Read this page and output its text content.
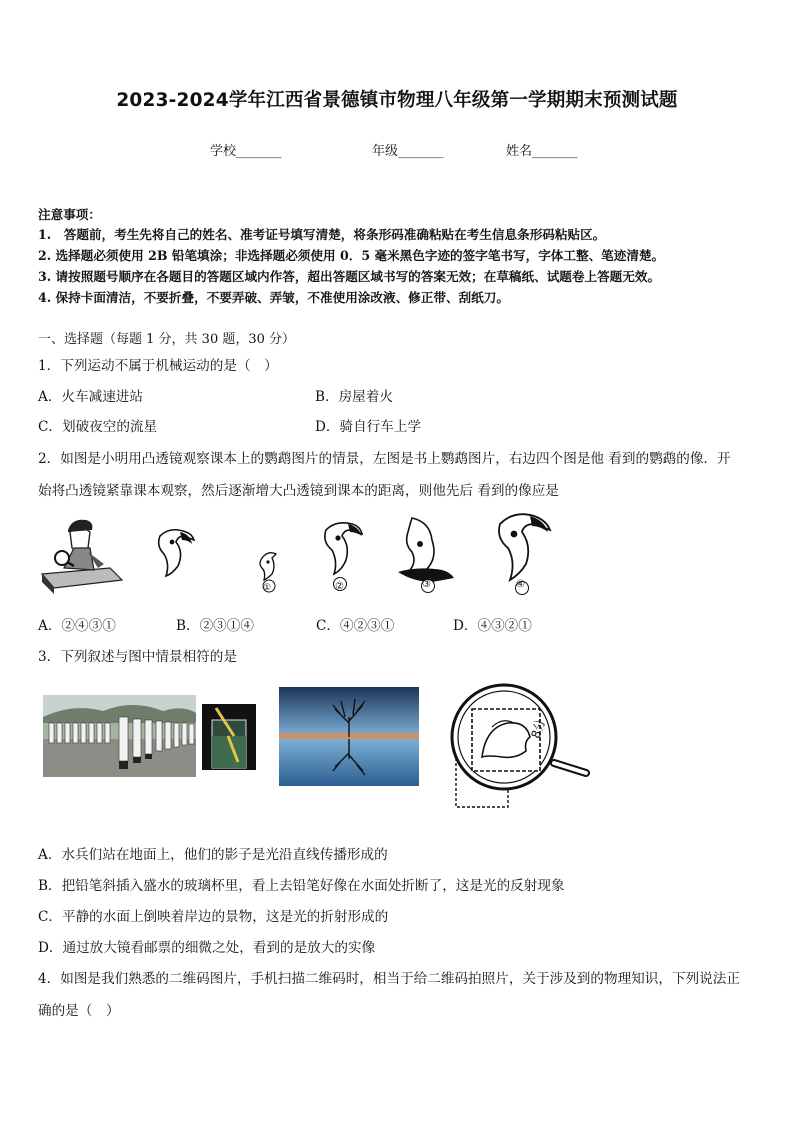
2023-2024学年江西省景德镇市物理八年级第一学期期末预测试题
学校_______	年级_______	姓名_______
注意事项：
1.　答题前，考生先将自己的姓名、准考证号填写清楚，将条形码准确粘贴在考生信息条形码粘贴区。
2. 选择题必须使用 2B 铅笔填涂；非选择题必须使用 0．5 毫米黑色字迹的签字笔书写，字体工整、笔迹清楚。
3. 请按照题号顺序在各题目的答题区域内作答，超出答题区域书写的答案无效；在草稿纸、试题卷上答题无效。
4. 保持卡面清洁，不要折叠，不要弄破、弄皱，不准使用涂改液、修正带、刮纸刀。
一、选择题（每题 1 分，共 30 题，30 分）
1．下列运动不属于机械运动的是（　）
A．火车减速进站	B．房屋着火
C．划破夜空的流星	D．骑自行车上学
2．如图是小明用凸透镜观察课本上的鹦鹉图片的情景，左图是书上鹦鹉图片，右边四个图是他 看到的鹦鹉的像．开
始将凸透镜紧靠课本观察，然后逐渐增大凸透镜到课本的距离，则他先后 看到的像应是
①	②	③	④
A．②④③①	B．②③①④	C．④②③①	D．④③②①
3．下列叙述与图中情景相符的是
8分
A．水兵们站在地面上，他们的影子是光沿直线传播形成的
B．把铅笔斜插入盛水的玻璃杯里，看上去铅笔好像在水面处折断了，这是光的反射现象
C．平静的水面上倒映着岸边的景物，这是光的折射形成的
D．通过放大镜看邮票的细微之处，看到的是放大的实像
4．如图是我们熟悉的二维码图片，手机扫描二维码时，相当于给二维码拍照片，关于涉及到的物理知识，下列说法正
确的是（　）
